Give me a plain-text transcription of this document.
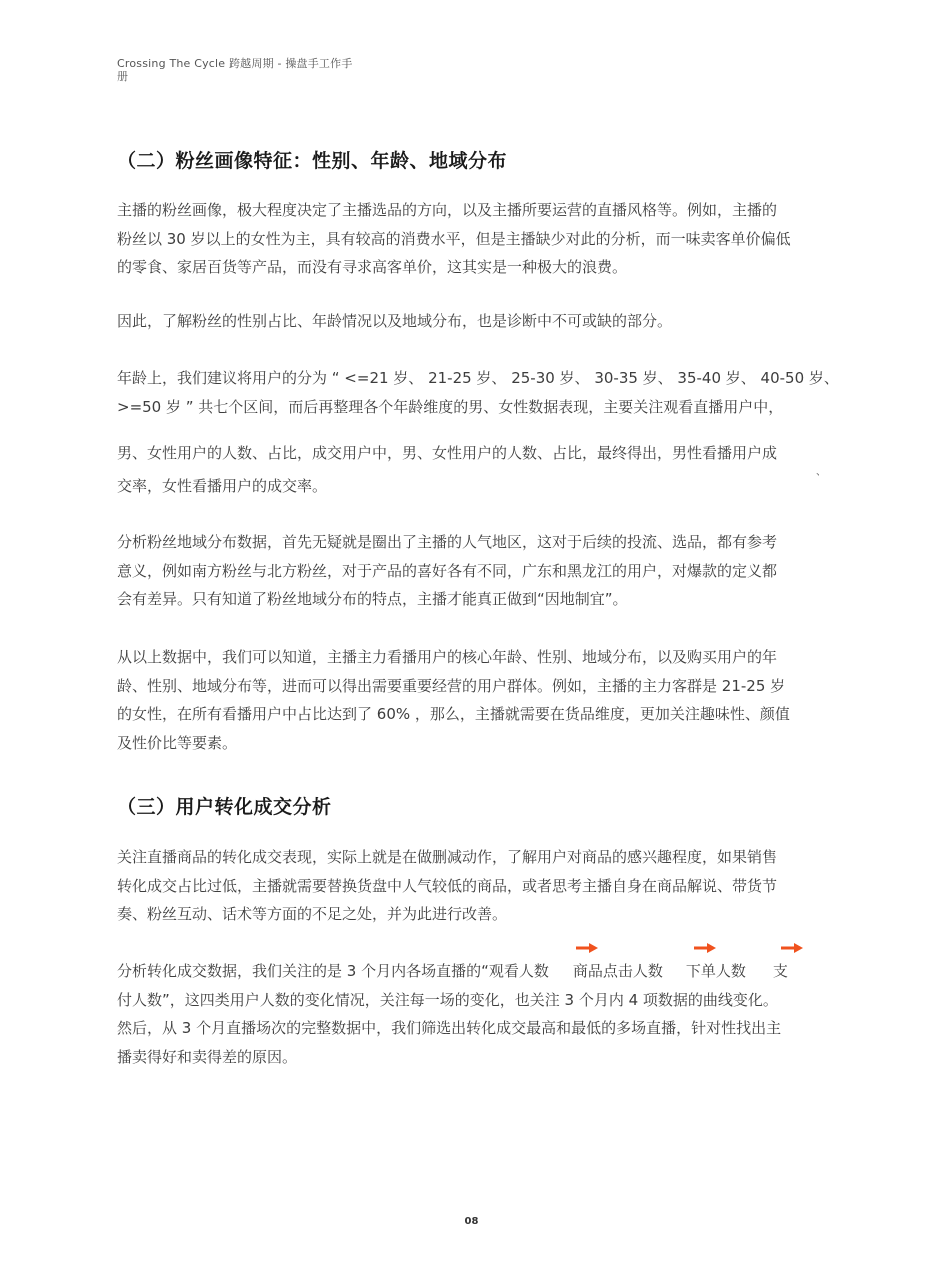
Crossing The Cycle 跨越周期 - 操盘手工作手
册
（二）粉丝画像特征：性别、年龄、地域分布
主播的粉丝画像，极大程度决定了主播选品的方向，以及主播所要运营的直播风格等。例如，主播的
粉丝以 30 岁以上的女性为主，具有较高的消费水平，但是主播缺少对此的分析，而一味卖客单价偏低
的零食、家居百货等产品，而没有寻求高客单价，这其实是一种极大的浪费。
因此，了解粉丝的性别占比、年龄情况以及地域分布，也是诊断中不可或缺的部分。
年龄上，我们建议将用户的分为 “ <=21 岁、 21-25 岁、 25-30 岁、 30-35 岁、 35-40 岁、 40-50 岁、
>=50 岁 ” 共七个区间，而后再整理各个年龄维度的男、女性数据表现，主要关注观看直播用户中，
男、女性用户的人数、占比，成交用户中，男、女性用户的人数、占比，最终得出，男性看播用户成
交率，女性看播用户的成交率。
、
分析粉丝地域分布数据，首先无疑就是圈出了主播的人气地区，这对于后续的投流、选品，都有参考
意义，例如南方粉丝与北方粉丝，对于产品的喜好各有不同，广东和黑龙江的用户，对爆款的定义都
会有差异。只有知道了粉丝地域分布的特点，主播才能真正做到“因地制宜”。
从以上数据中，我们可以知道，主播主力看播用户的核心年龄、性别、地域分布，以及购买用户的年
龄、性别、地域分布等，进而可以得出需要重要经营的用户群体。例如，主播的主力客群是 21-25 岁
的女性，在所有看播用户中占比达到了 60% ，那么，主播就需要在货品维度，更加关注趣味性、颜值
及性价比等要素。
（三）用户转化成交分析
关注直播商品的转化成交表现，实际上就是在做删减动作，了解用户对商品的感兴趣程度，如果销售
转化成交占比过低，主播就需要替换货盘中人气较低的商品，或者思考主播自身在商品解说、带货节
奏、粉丝互动、话术等方面的不足之处，并为此进行改善。
分析转化成交数据，我们关注的是 3 个月内各场直播的“观看人数 商品点击人数 下单人数 支
付人数”，这四类用户人数的变化情况，关注每一场的变化，也关注 3 个月内 4 项数据的曲线变化。
然后，从 3 个月直播场次的完整数据中，我们筛选出转化成交最高和最低的多场直播，针对性找出主
播卖得好和卖得差的原因。
08
